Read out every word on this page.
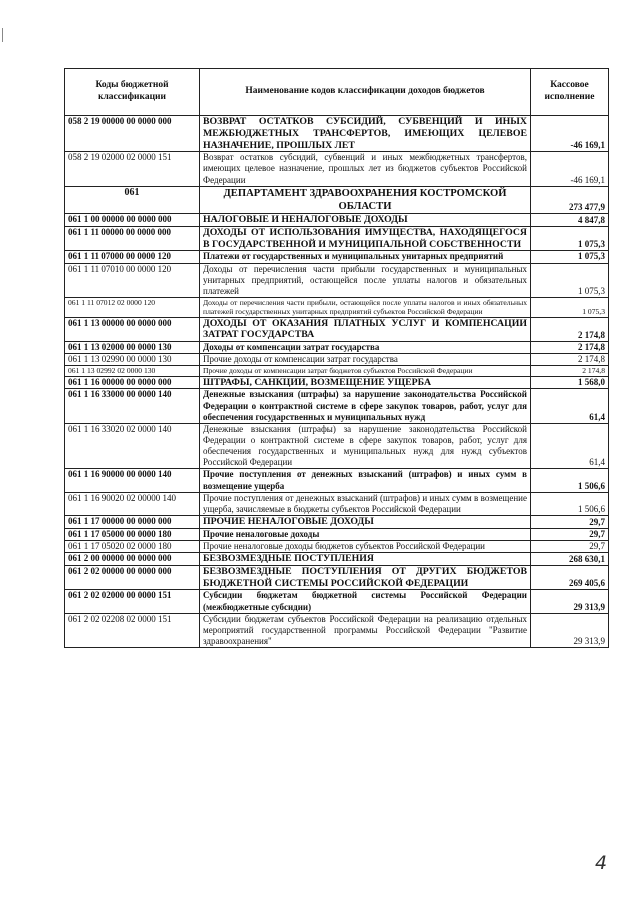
Коды бюджетной классификации	Наименование кодов классификации доходов бюджетов	Кассовое исполнение
058 2 19 00000 00 0000 000	ВОЗВРАТ ОСТАТКОВ СУБСИДИЙ, СУБВЕНЦИЙ И ИНЫХ МЕЖБЮДЖЕТНЫХ ТРАНСФЕРТОВ, ИМЕЮЩИХ ЦЕЛЕВОЕ НАЗНАЧЕНИЕ, ПРОШЛЫХ ЛЕТ	-46 169,1
058 2 19 02000 02 0000 151	Возврат остатков субсидий, субвенций и иных межбюджетных трансфертов, имеющих целевое назначение, прошлых лет из бюджетов субъектов Российской Федерации	-46 169,1
061	ДЕПАРТАМЕНТ ЗДРАВООХРАНЕНИЯ КОСТРОМСКОЙ ОБЛАСТИ	273 477,9
061 1 00 00000 00 0000 000	НАЛОГОВЫЕ И НЕНАЛОГОВЫЕ ДОХОДЫ	4 847,8
061 1 11 00000 00 0000 000	ДОХОДЫ ОТ ИСПОЛЬЗОВАНИЯ ИМУЩЕСТВА, НАХОДЯЩЕГОСЯ В ГОСУДАРСТВЕННОЙ И МУНИЦИПАЛЬНОЙ СОБСТВЕННОСТИ	1 075,3
061 1 11 07000 00 0000 120	Платежи от государственных и муниципальных унитарных предприятий	1 075,3
061 1 11 07010 00 0000 120	Доходы от перечисления части прибыли государственных и муниципальных унитарных предприятий, остающейся после уплаты налогов и обязательных платежей	1 075,3
061 1 11 07012 02 0000 120	Доходы от перечисления части прибыли, остающейся после уплаты налогов и иных обязательных платежей государственных унитарных предприятий субъектов Российской Федерации	1 075,3
061 1 13 00000 00 0000 000	ДОХОДЫ ОТ ОКАЗАНИЯ ПЛАТНЫХ УСЛУГ И КОМПЕНСАЦИИ ЗАТРАТ ГОСУДАРСТВА	2 174,8
061 1 13 02000 00 0000 130	Доходы от компенсации затрат государства	2 174,8
061 1 13 02990 00 0000 130	Прочие доходы от компенсации затрат государства	2 174,8
061 1 13 02992 02 0000 130	Прочие доходы от компенсации затрат бюджетов субъектов Российской Федерации	2 174,8
061 1 16 00000 00 0000 000	ШТРАФЫ, САНКЦИИ, ВОЗМЕЩЕНИЕ УЩЕРБА	1 568,0
061 1 16 33000 00 0000 140	Денежные взыскания (штрафы) за нарушение законодательства Российской Федерации о контрактной системе в сфере закупок товаров, работ, услуг для обеспечения государственных и муниципальных нужд	61,4
061 1 16 33020 02 0000 140	Денежные взыскания (штрафы) за нарушение законодательства Российской Федерации о контрактной системе в сфере закупок товаров, работ, услуг для обеспечения государственных и муниципальных нужд для нужд субъектов Российской Федерации	61,4
061 1 16 90000 00 0000 140	Прочие поступления от денежных взысканий (штрафов) и иных сумм в возмещение ущерба	1 506,6
061 1 16 90020 02 00000 140	Прочие поступления от денежных взысканий (штрафов) и иных сумм в возмещение ущерба, зачисляемые в бюджеты субъектов Российской Федерации	1 506,6
061 1 17 00000 00 0000 000	ПРОЧИЕ НЕНАЛОГОВЫЕ ДОХОДЫ	29,7
061 1 17 05000 00 0000 180	Прочие неналоговые доходы	29,7
061 1 17 05020 02 0000 180	Прочие неналоговые доходы бюджетов субъектов Российской Федерации	29,7
061 2 00 00000 00 0000 000	БЕЗВОЗМЕЗДНЫЕ ПОСТУПЛЕНИЯ	268 630,1
061 2 02 00000 00 0000 000	БЕЗВОЗМЕЗДНЫЕ ПОСТУПЛЕНИЯ ОТ ДРУГИХ БЮДЖЕТОВ БЮДЖЕТНОЙ СИСТЕМЫ РОССИЙСКОЙ ФЕДЕРАЦИИ	269 405,6
061 2 02 02000 00 0000 151	Субсидии бюджетам бюджетной системы Российской Федерации (межбюджетные субсидии)	29 313,9
061 2 02 02208 02 0000 151	Субсидии бюджетам субъектов Российской Федерации на реализацию отдельных мероприятий государственной программы Российской Федерации "Развитие здравоохранения"	29 313,9
4
